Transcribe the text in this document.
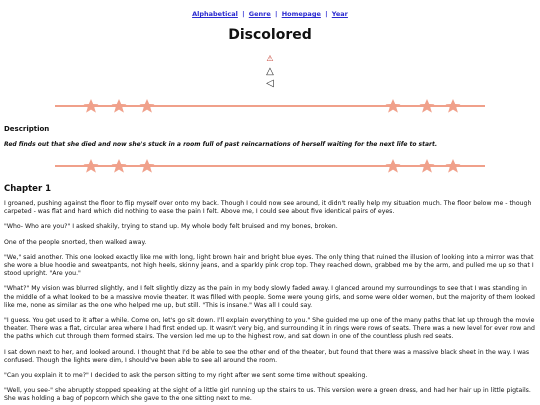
Alphabetical | Genre | Homepage | Year
Discolored
⚠
△
◁
Description
Red finds out that she died and now she's stuck in a room full of past reincarnations of herself waiting for the next life to start.
Chapter 1

I groaned, pushing against the floor to flip myself over onto my back. Though I could now see around, it didn't really help my situation much. The floor below me - though carpeted - was flat and hard which did nothing to ease the pain I felt. Above me, I could see about five identical pairs of eyes.

"Who- Who are you?" I asked shakily, trying to stand up. My whole body felt bruised and my bones, broken.

One of the people snorted, then walked away.

"We," said another. This one looked exactly like me with long, light brown hair and bright blue eyes. The only thing that ruined the illusion of looking into a mirror was that she wore a blue hoodie and sweatpants, not high heels, skinny jeans, and a sparkly pink crop top. They reached down, grabbed me by the arm, and pulled me up so that I stood upright. "Are you."

"What?" My vision was blurred slightly, and I felt slightly dizzy as the pain in my body slowly faded away. I glanced around my surroundings to see that I was standing in the middle of a what looked to be a massive movie theater. It was filled with people. Some were young girls, and some were older women, but the majority of them looked like me, none as similar as the one who helped me up, but still. "This is insane." Was all I could say.

"I guess. You get used to it after a while. Come on, let's go sit down. I'll explain everything to you." She guided me up one of the many paths that let up through the movie theater. There was a flat, circular area where I had first ended up. It wasn't very big, and surrounding it in rings were rows of seats. There was a new level for ever row and the paths which cut through them formed stairs. The version led me up to the highest row, and sat down in one of the countless plush red seats.

I sat down next to her, and looked around. I thought that I'd be able to see the other end of the theater, but found that there was a massive black sheet in the way. I was confused. Though the lights were dim, I should've been able to see all around the room.

"Can you explain it to me?" I decided to ask the person sitting to my right after we sent some time without speaking.

"Well, you see-" she abruptly stopped speaking at the sight of a little girl running up the stairs to us. This version were a green dress, and had her hair up in little pigtails. She was holding a bag of popcorn which she gave to the one sitting next to me.
